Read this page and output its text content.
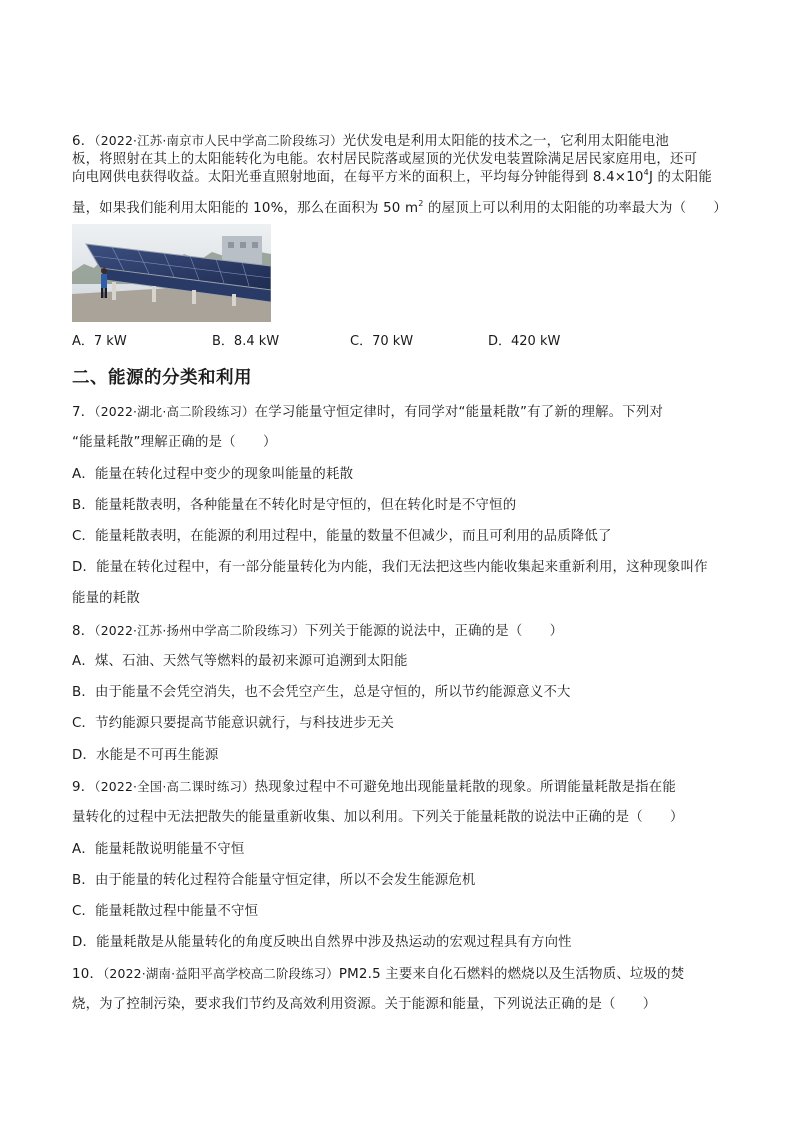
6．（2022·江苏·南京市人民中学高二阶段练习）光伏发电是利用太阳能的技术之一，它利用太阳能电池
板，将照射在其上的太阳能转化为电能。农村居民院落或屋顶的光伏发电装置除满足居民家庭用电，还可
向电网供电获得收益。太阳光垂直照射地面，在每平方米的面积上，平均每分钟能得到 $8.4\times 10^4J$ 的太阳能
量，如果我们能利用太阳能的 10%，那么在面积为 50 $m^2$ 的屋顶上可以利用的太阳能的功率最大为（　　）
A．7 kW	B．8.4 kW	C．70 kW	D．420 kW
二、能源的分类和利用
7．（2022·湖北·高二阶段练习）在学习能量守恒定律时，有同学对“能量耗散”有了新的理解。下列对
“能量耗散”理解正确的是（　　）
A．能量在转化过程中变少的现象叫能量的耗散
B．能量耗散表明，各种能量在不转化时是守恒的，但在转化时是不守恒的
C．能量耗散表明，在能源的利用过程中，能量的数量不但减少，而且可利用的品质降低了
D．能量在转化过程中，有一部分能量转化为内能，我们无法把这些内能收集起来重新利用，这种现象叫作
能量的耗散
8．（2022·江苏·扬州中学高二阶段练习）下列关于能源的说法中，正确的是（　　）
A．煤、石油、天然气等燃料的最初来源可追溯到太阳能
B．由于能量不会凭空消失，也不会凭空产生，总是守恒的，所以节约能源意义不大
C．节约能源只要提高节能意识就行，与科技进步无关
D．水能是不可再生能源
9．（2022·全国·高二课时练习）热现象过程中不可避免地出现能量耗散的现象。所谓能量耗散是指在能
量转化的过程中无法把散失的能量重新收集、加以利用。下列关于能量耗散的说法中正确的是（　　）
A．能量耗散说明能量不守恒
B．由于能量的转化过程符合能量守恒定律，所以不会发生能源危机
C．能量耗散过程中能量不守恒
D．能量耗散是从能量转化的角度反映出自然界中涉及热运动的宏观过程具有方向性
10．（2022·湖南·益阳平高学校高二阶段练习）PM2.5 主要来自化石燃料的燃烧以及生活物质、垃圾的焚
烧，为了控制污染，要求我们节约及高效利用资源。关于能源和能量，下列说法正确的是（　　）
